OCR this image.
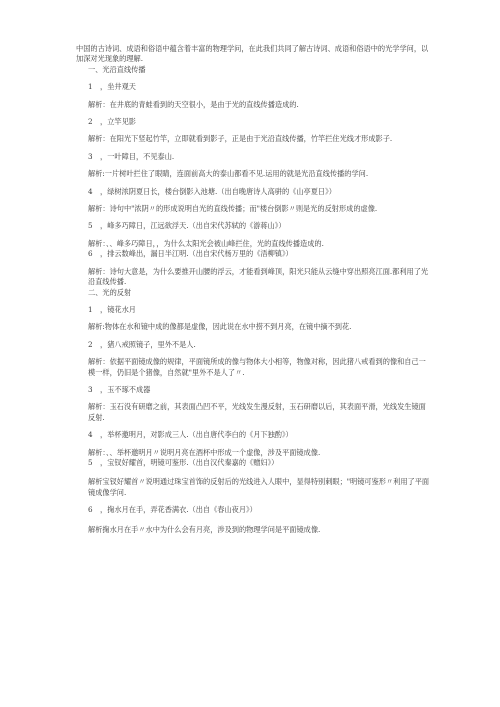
中国的古诗词、成语和俗语中蕴含着丰富的物理学问，在此我们共同了解古诗词、成语和俗语中的光学学问，以加深对光现象的理解.

一、光沿直线传播

1 ，坐井观天

解析：在井底的青蛙看到的天空很小，是由于光的直线传播造成的.

2 ，立竿见影

解析：在阳光下竖起竹竿，立即就看到影子，正是由于光沿直线传播，竹竿拦住光线才形成影子.

3 ，一叶障目，不见泰山.

解析:一片树叶拦住了眼睛，连面前高大的泰山都看不见.运用的就是光沿直线传播的学问.

4 ，绿树浓阴夏日长，楼台倒影入池塘.（出自晚唐诗人高骈的《山亭夏日》）

解析：诗句中"浓阴〃的形成说明自光的直线传播；而"楼台倒影〃则是光的反射形成的虚像.

5 ，峰多巧障日，江远欲浮天.（出自宋代苏轼的《游蒋山》）

解析：、、峰多巧障日，，为什么太阳光会被山峰拦住，光的直线传播造成的.

6 ，排云数峰出，漏日半江明.（出自宋代杨万里的《浯柳镇》）

解析：诗句大意是，为什么要推开山腰的浮云，才能看到峰顶，阳光只能从云缝中穿出照亮江面.都利用了光沿直线传播.

二、光的反射

1 ，镜花水月

解析:物体在水和镜中成的像都是虚像，因此说在水中捞不到月亮，在镜中摘不到花.

2 ，猪八戒照镜子，里外不是人.

解析：依据平面镜成像的规律，平面镜所成的像与物体大小相等，物像对称，因此猪八戒看到的像和自己一模一样，仍旧是个猪像，自然就"里外不是人了〃.

3 ，玉不琢不成器

解析：玉石没有研磨之前，其表面凸凹不平，光线发生漫反射，玉石研磨以后，其表面平滑，光线发生镜面反射.

4 ，举杯邀明月，对影成三人.（出自唐代李白的《月下独酌》）

解析：、、举杯邀明月〃说明月亮在酒杯中形成一个虚像，涉及平面镜成像.

5 ，宝钗好耀首，明镜可鉴形.（出自汉代秦嘉的《赠妇》）

解析宝钗好耀首〃说明通过珠宝首饰的反射后的光线进入人眼中，显得特别刺眼；"明镜可鉴形〃利用了平面镜成像学问.

6 ，掬水月在手，弄花香满衣.（出自《春山夜月》）

解析掬水月在手〃水中为什么会有月亮，涉及到的物理学问是平面镜成像.
